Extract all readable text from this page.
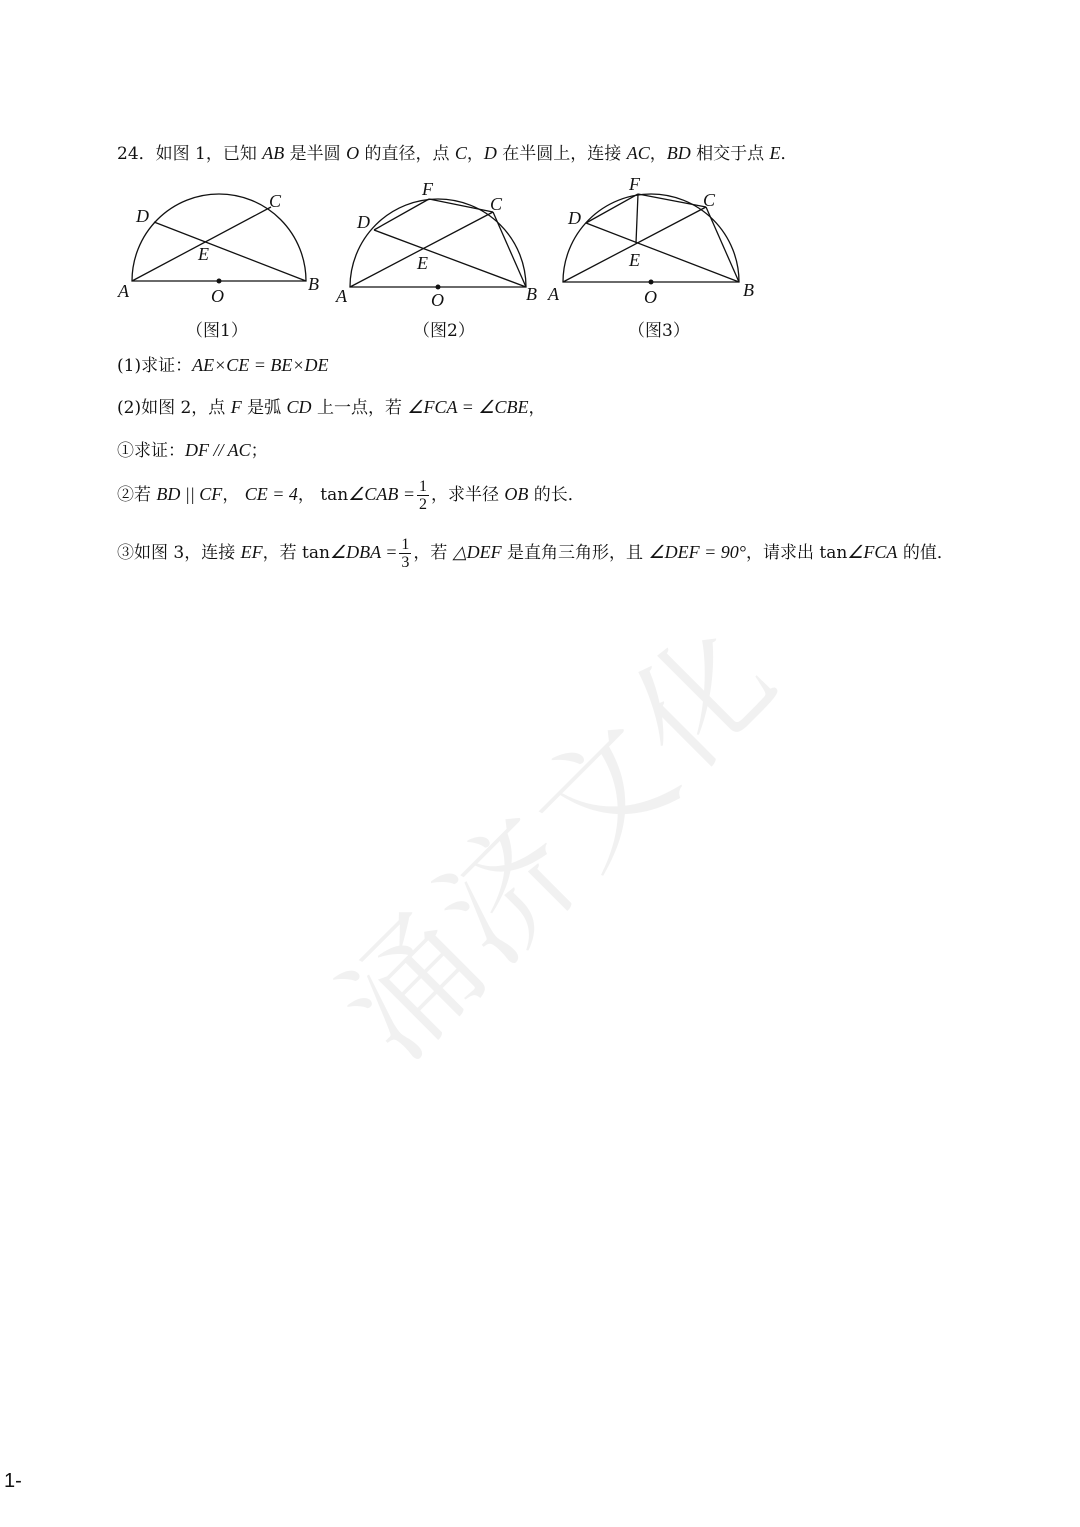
24．如图 1，已知 AB 是半圆 O 的直径，点 C，D 在半圆上，连接 AC，BD 相交于点 E．
A	B
C
D
E
O
（图1）
A	B
C
D
E
F
O
（图2）
A	B
C
D
E
F
O
（图3）
(1)求证：AE×CE = BE×DE
(2)如图 2，点 F 是弧 CD 上一点，若 ∠FCA = ∠CBE，
①求证：DF // AC；
②若 BD || CF， CE = 4， tan∠CAB = $\frac{1}{2}$ ，求半径 OB 的长．
③如图 3，连接 EF，若 tan∠DBA = $\frac{1}{3}$ ，若 △DEF 是直角三角形，且 ∠DEF = 90°，请求出 tan∠FCA 的值．
涌济文化
1-
